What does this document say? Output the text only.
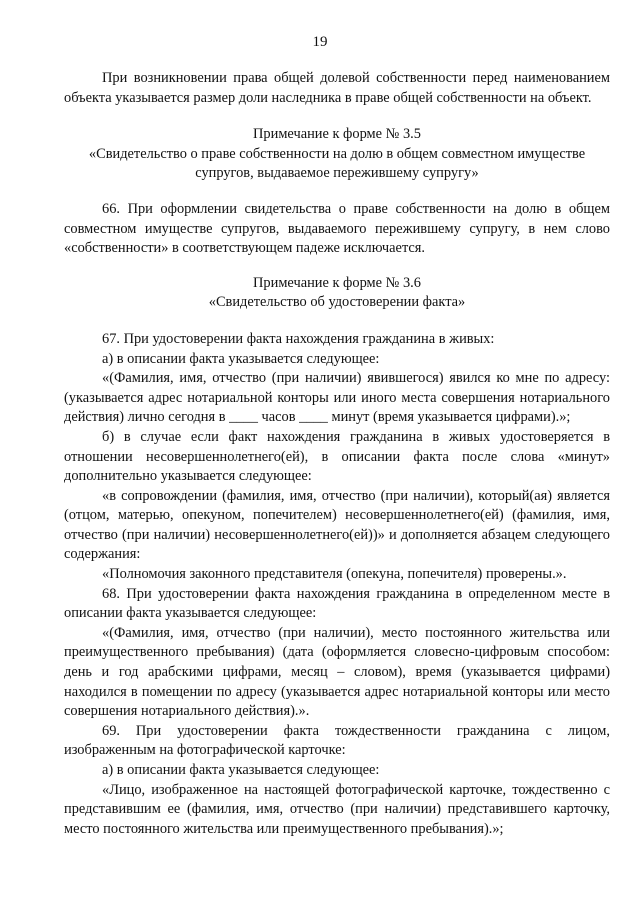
19

При возникновении права общей долевой собственности перед наименованием объекта указывается размер доли наследника в праве общей собственности на объект.

Примечание к форме № 3.5

«Свидетельство о праве собственности на долю в общем совместном имуществе супругов, выдаваемое пережившему супругу»

66. При оформлении свидетельства о праве собственности на долю в общем совместном имуществе супругов, выдаваемого пережившему супругу, в нем слово «собственности» в соответствующем падеже исключается.

Примечание к форме № 3.6

«Свидетельство об удостоверении факта»

67. При удостоверении факта нахождения гражданина в живых:

а) в описании факта указывается следующее:

«(Фамилия, имя, отчество (при наличии) явившегося) явился ко мне по адресу: (указывается адрес нотариальной конторы или иного места совершения нотариального действия) лично сегодня в ____ часов ____ минут (время указывается цифрами).»;

б) в случае если факт нахождения гражданина в живых удостоверяется в отношении несовершеннолетнего(ей), в описании факта после слова «минут» дополнительно указывается следующее:

«в сопровождении (фамилия, имя, отчество (при наличии), который(ая) является (отцом, матерью, опекуном, попечителем) несовершеннолетнего(ей) (фамилия, имя, отчество (при наличии) несовершеннолетнего(ей))» и дополняется абзацем следующего содержания:

«Полномочия законного представителя (опекуна, попечителя) проверены.».

68. При удостоверении факта нахождения гражданина в определенном месте в описании факта указывается следующее:

«(Фамилия, имя, отчество (при наличии), место постоянного жительства или преимущественного пребывания) (дата (оформляется словесно-цифровым способом: день и год арабскими цифрами, месяц – словом), время (указывается цифрами) находился в помещении по адресу (указывается адрес нотариальной конторы или место совершения нотариального действия).».

69. При удостоверении факта тождественности гражданина с лицом, изображенным на фотографической карточке:

а) в описании факта указывается следующее:

«Лицо, изображенное на настоящей фотографической карточке, тождественно с представившим ее (фамилия, имя, отчество (при наличии) представившего карточку, место постоянного жительства или преимущественного пребывания).»;
